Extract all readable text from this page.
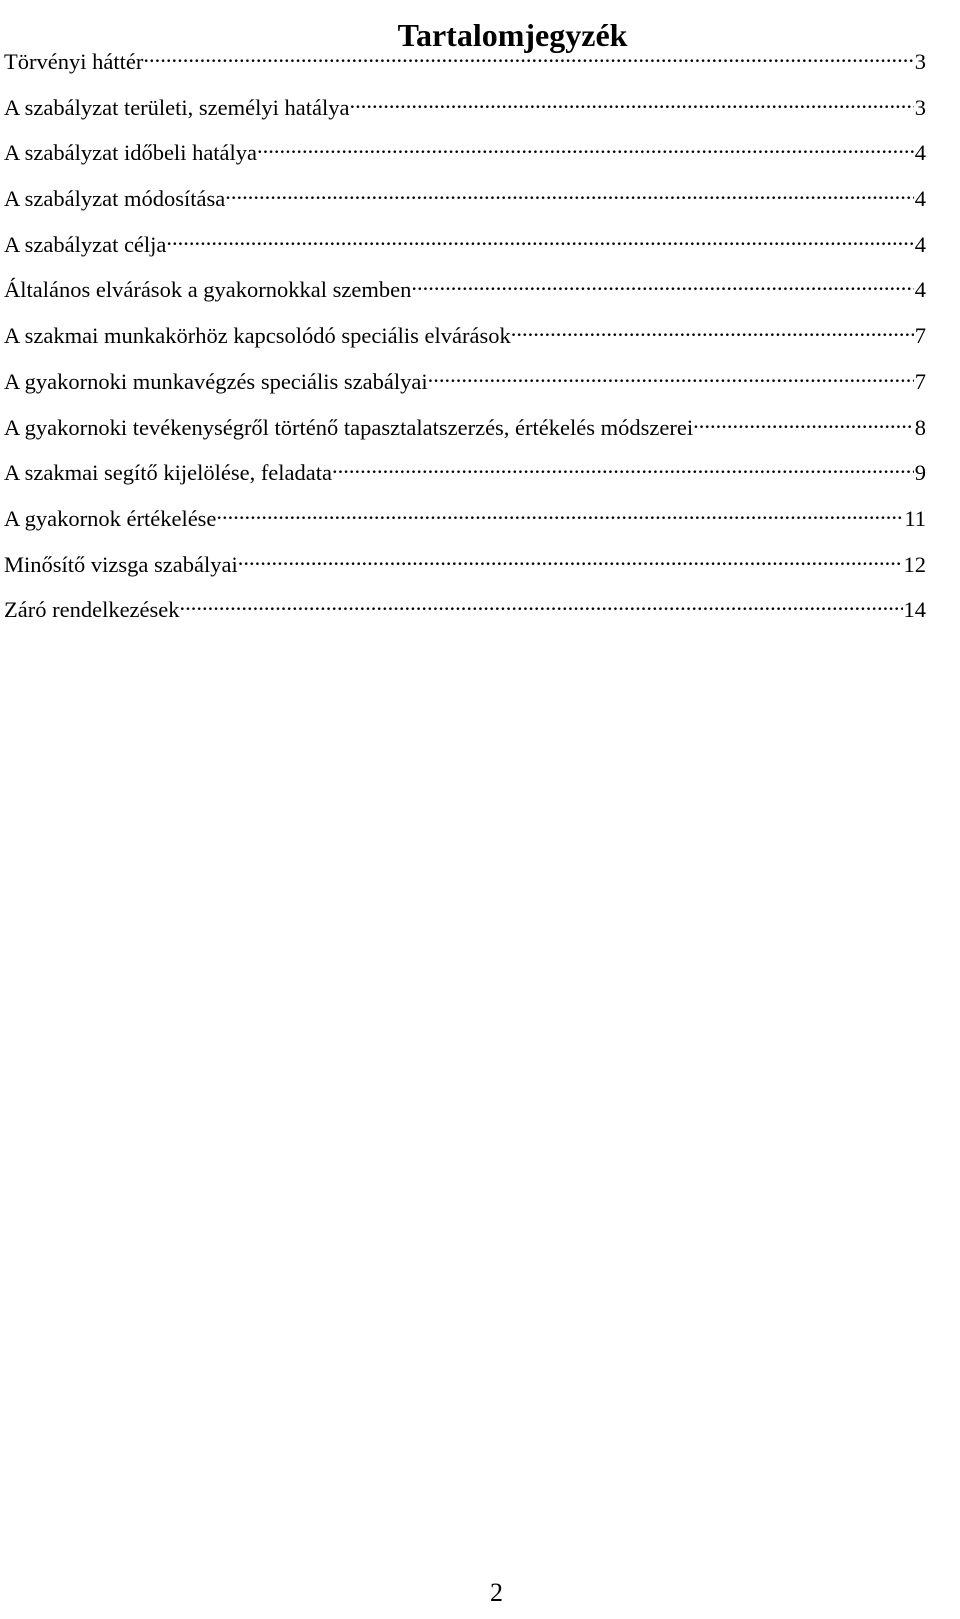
Tartalomjegyzék
Törvényi háttér .....	3
A szabályzat területi, személyi hatálya .....	3
A szabályzat időbeli hatálya .....	4
A szabályzat módosítása .....	4
A szabályzat célja .....	4
Általános elvárások a gyakornokkal szemben .....	4
A szakmai munkakörhöz kapcsolódó speciális elvárások .....	7
A gyakornoki munkavégzés speciális szabályai .....	7
A gyakornoki tevékenységről történő tapasztalatszerzés, értékelés módszerei .....	8
A szakmai segítő kijelölése, feladata .....	9
A gyakornok értékelése .....	11
Minősítő vizsga szabályai .....	12
Záró rendelkezések .....	14
2
